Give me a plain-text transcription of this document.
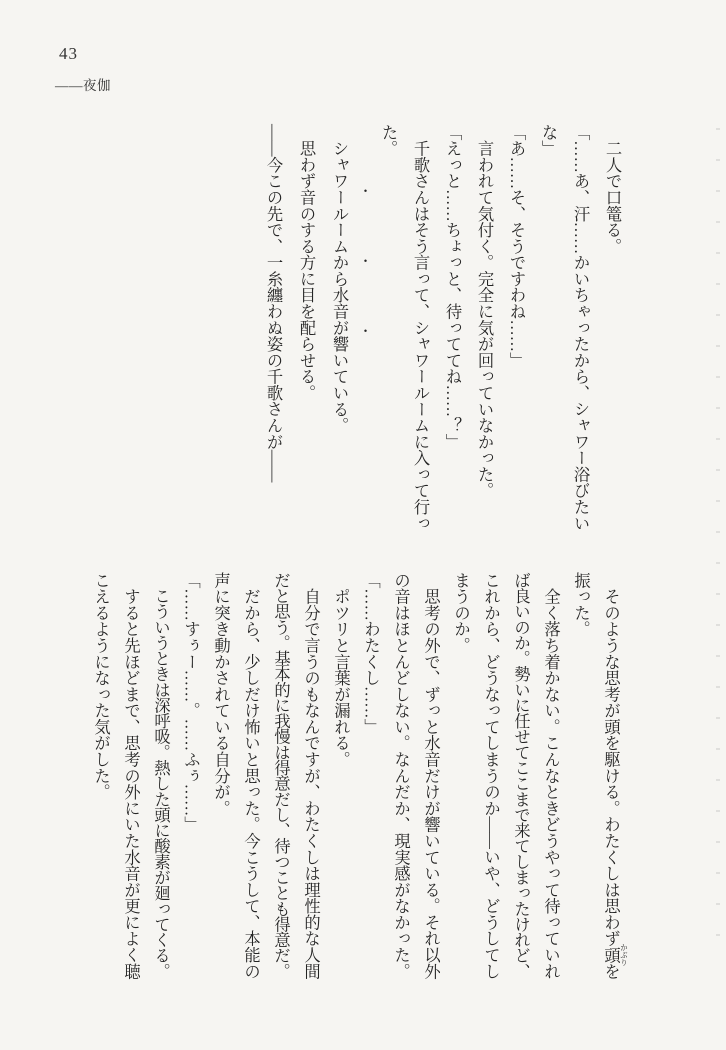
43
――夜伽

　二人で口篭る。

「……あ、汗……かいちゃったから、シャワー浴びたい

な」

「あ……そ、そうですわね……」

　言われて気付く。完全に気が回っていなかった。

「えっと……ちょっと、待っててね……？」

　千歌さんはそう言って、シャワールームに入って行っ

た。

・
・
・

　シャワールームから水音が響いている。

　思わず音のする方に目を配らせる。

――今この先で、一糸纏わぬ姿の千歌さんが――

　そのような思考が頭を駆ける。わたくしは思わず頭 かぶりを

振った。

　全く落ち着かない。こんなときどうやって待っていれ

ば良いのか。勢いに任せてここまで来てしまったけれど、

これから、どうなってしまうのか――いや、どうしてし

まうのか。

　思考の外で、ずっと水音だけが響いている。それ以外

の音はほとんどしない。なんだか、現実感がなかった。

「……わたくし……」

　ポツリと言葉が漏れる。

　自分で言うのもなんですが、わたくしは理性的な人間

だと思う。基本的に我慢は得意だし、待つことも得意だ。

　だから、少しだけ怖いと思った。今こうして、本能の

声に突き動かされている自分が。

「……すぅー……。……ふぅ……」

　こういうときは深呼吸。熱した頭に酸素が廻ってくる。

　すると先ほどまで、思考の外にいた水音が更によく聴

こえるようになった気がした。
